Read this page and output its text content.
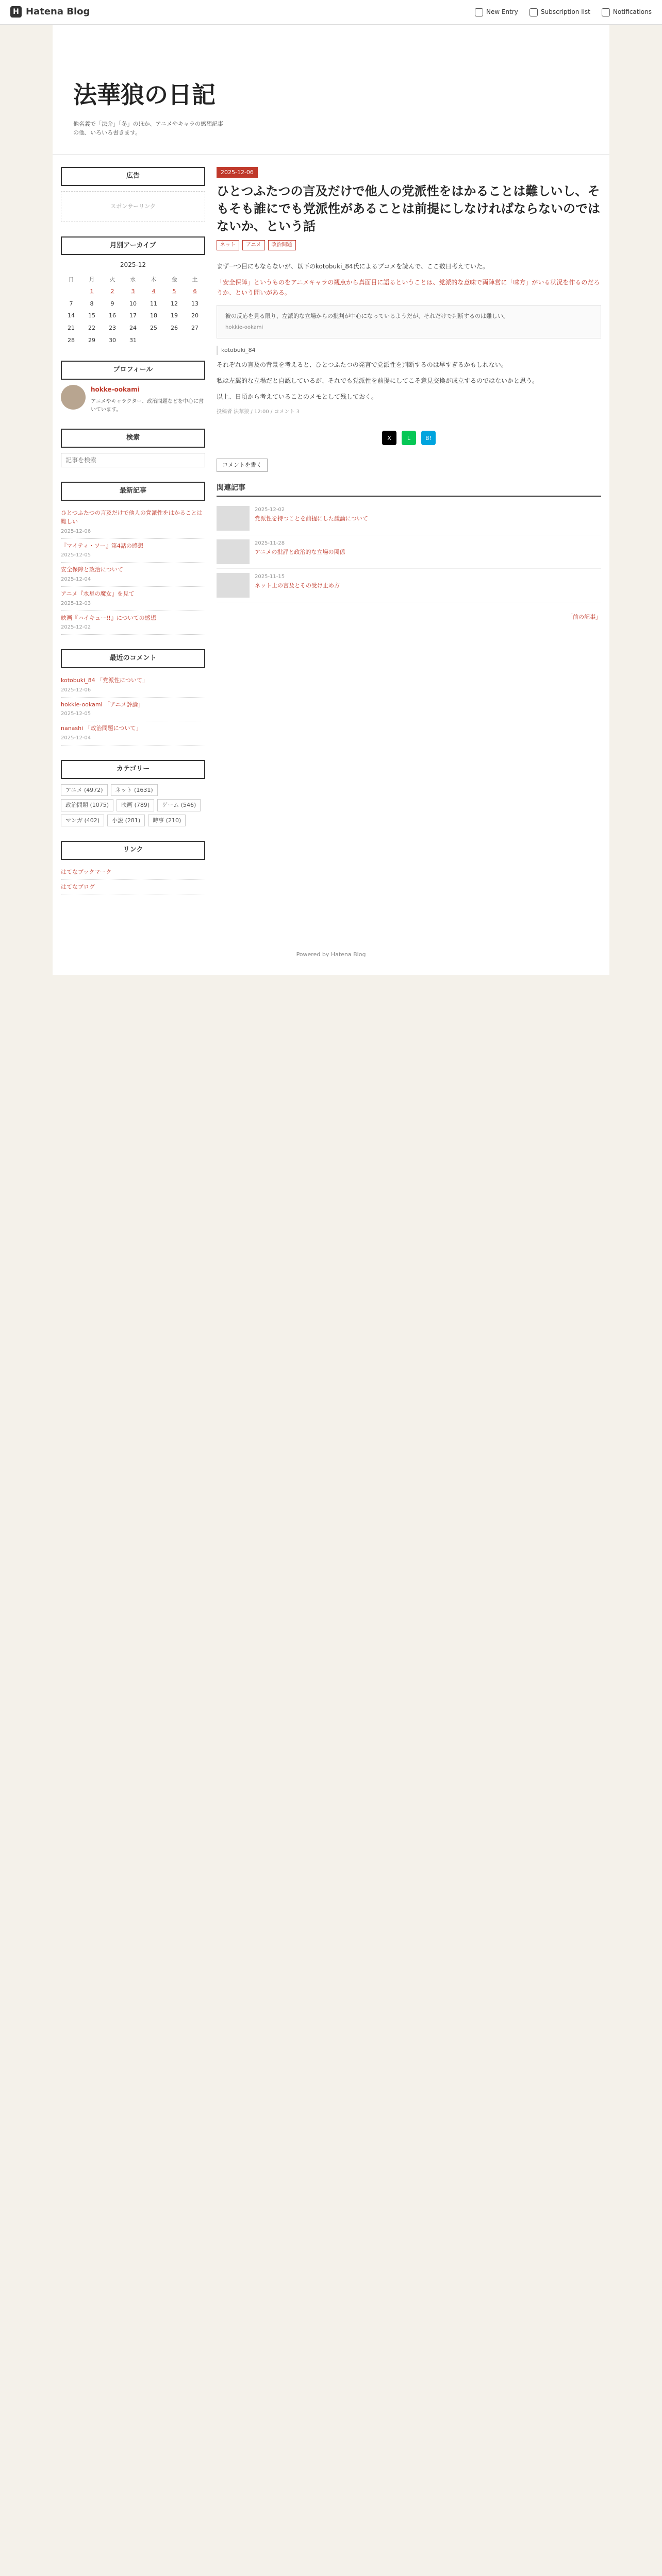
H Hatena Blog	New Entry	Subscription list	Notifications
法華狼の日記
他名義で「法介」「冬」のほか、アニメやキャラの感想記事の他、いろいろ書きます。
広告
スポンサーリンク
月別アーカイブ
2025-12
日	月	火	水	木	金	土
	1	2	3	4	5	6
7	8	9	10	11	12	13
14	15	16	17	18	19	20
21	22	23	24	25	26	27
28	29	30	31			
プロフィール
hokke-ookami
アニメやキャラクター、政治問題などを中心に書いています。
検索
記事を検索
最新記事
ひとつふたつの言及だけで他人の党派性をはかることは難しい
2025-12-06
『マイティ・ソー』第4話の感想
2025-12-05
安全保障と政治について
2025-12-04
アニメ『水星の魔女』を見て
2025-12-03
映画『ハイキュー!!』についての感想
2025-12-02
最近のコメント
kotobuki_84 「党派性について」
2025-12-06
hokkie-ookami 「アニメ評論」
2025-12-05
nanashi 「政治問題について」
2025-12-04
カテゴリー
アニメ (4972)	ネット (1631)
政治問題 (1075)	映画 (789)	ゲーム (546)
マンガ (402)	小説 (281)	時事 (210)
リンク
はてなブックマーク
はてなブログ
2025-12-06
ひとつふたつの言及だけで他人の党派性をはかることは難しいし、そもそも誰にでも党派性があることは前提にしなければならないのではないか、という話
ネット	アニメ	政治問題

まず一つ目にもならないが、以下のkotobuki_84氏によるブコメを読んで、ここ数日考えていた。

「安全保障」というものをアニメキャラの観点から真面目に語るということは、党派的な意味で両陣営に「味方」がいる状況を作るのだろうか、という問いがある。

彼の反応を見る限り、左派的な立場からの批判が中心になっているようだが、それだけで判断するのは難しい。
hokkie-ookami
kotobuki_84

それぞれの言及の背景を考えると、ひとつふたつの発言で党派性を判断するのは早すぎるかもしれない。

私は左翼的な立場だと自認しているが、それでも党派性を前提にしてこそ意見交換が成立するのではないかと思う。

以上、日頃から考えていることのメモとして残しておく。

投稿者 法華狼 / 12:00 / コメント 3
X	L	B!
コメントを書く
関連記事
2025-12-02
党派性を持つことを前提にした議論について
2025-11-28
アニメの批評と政治的な立場の関係
2025-11-15
ネット上の言及とその受け止め方
「前の記事」
Powered by Hatena Blog
